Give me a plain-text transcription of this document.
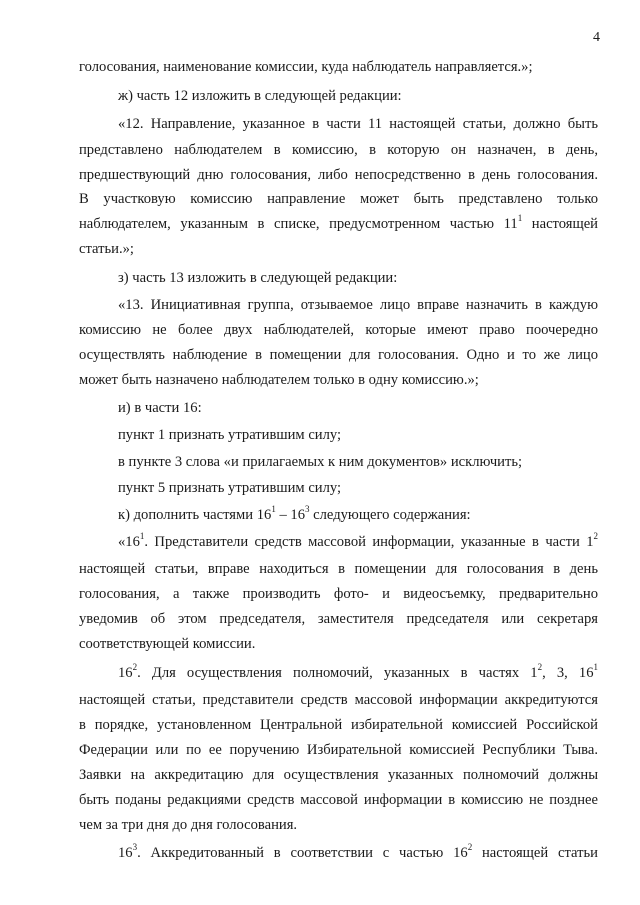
4
голосования, наименование комиссии, куда наблюдатель направляется.»;
ж) часть 12 изложить в следующей редакции:
«12. Направление, указанное в части 11 настоящей статьи, должно быть
представлено наблюдателем в комиссию, в которую он назначен, в день,
предшествующий дню голосования, либо непосредственно в день голосования.
В участковую комиссию направление может быть представлено только
наблюдателем, указанным в списке, предусмотренном частью $11^1$ настоящей
статьи.»;
з) часть 13 изложить в следующей редакции:
«13. Инициативная группа, отзываемое лицо вправе назначить в каждую
комиссию не более двух наблюдателей, которые имеют право поочередно
осуществлять наблюдение в помещении для голосования. Одно и то же лицо
может быть назначено наблюдателем только в одну комиссию.»;
и) в части 16:
пункт 1 признать утратившим силу;
в пункте 3 слова «и прилагаемых к ним документов» исключить;
пункт 5 признать утратившим силу;
к) дополнить частями $16^1 - 16^3$ следующего содержания:
«$16^1$. Представители средств массовой информации, указанные в части $1^2$
настоящей статьи, вправе находиться в помещении для голосования в день
голосования, а также производить фото- и видеосъемку, предварительно
уведомив об этом председателя, заместителя председателя или секретаря
соответствующей комиссии.
$16^2$. Для осуществления полномочий, указанных в частях $1^2$, 3, $16^1$
настоящей статьи, представители средств массовой информации аккредитуются
в порядке, установленном Центральной избирательной комиссией Российской
Федерации или по ее поручению Избирательной комиссией Республики Тыва.
Заявки на аккредитацию для осуществления указанных полномочий должны
быть поданы редакциями средств массовой информации в комиссию не позднее
чем за три дня до дня голосования.
$16^3$. Аккредитованный в соответствии с частью $16^2$ настоящей статьи
